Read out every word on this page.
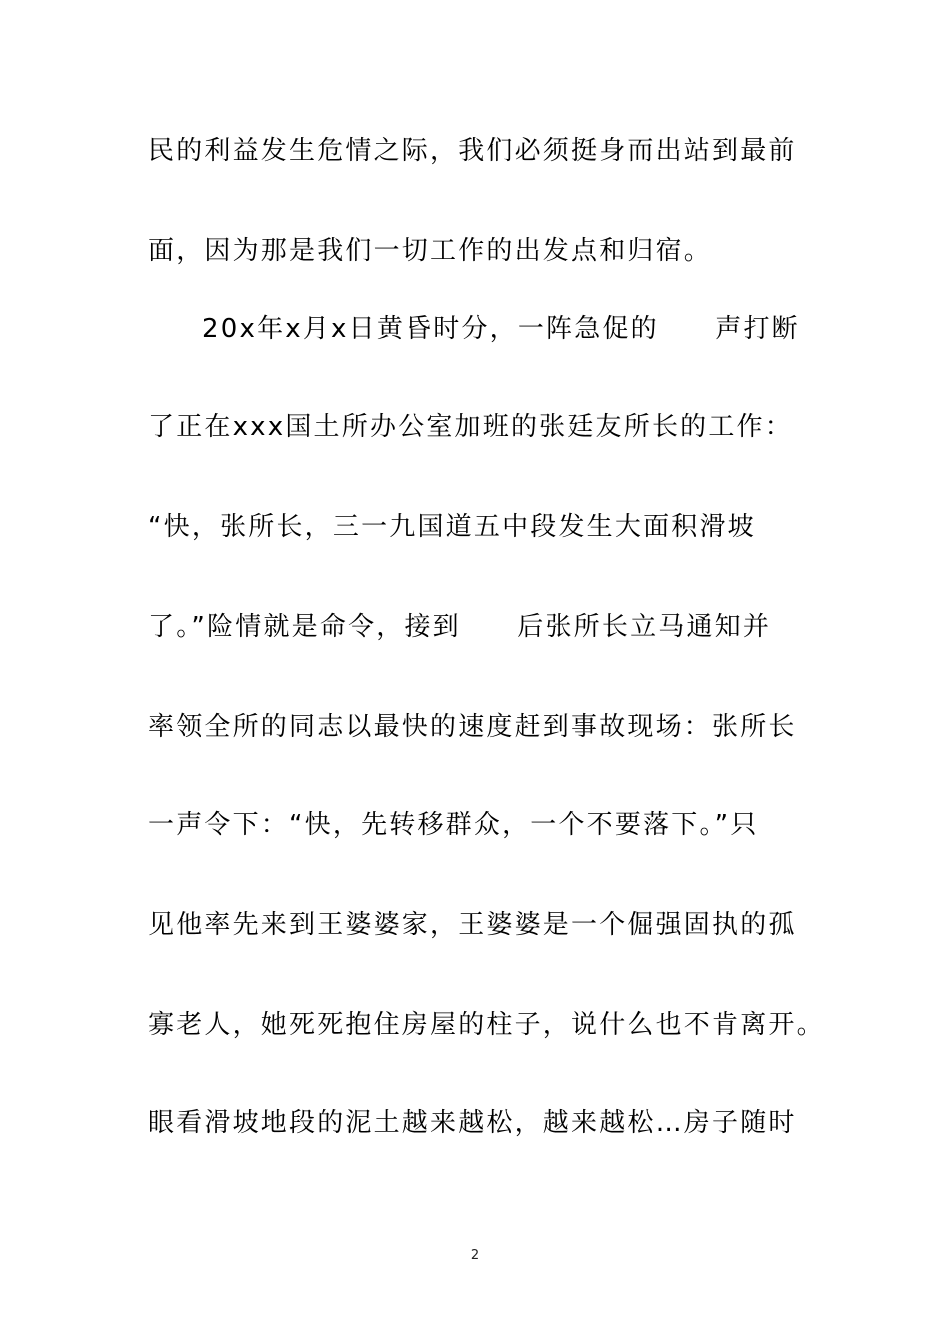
民的利益发生危情之际，我们必须挺身而出站到最前
面，因为那是我们一切工作的出发点和归宿。
20x年x月x日黄昏时分，一阵急促的　　声打断
了正在xxx国土所办公室加班的张廷友所长的工作：
“快，张所长，三一九国道五中段发生大面积滑坡
了。”险情就是命令，接到　　后张所长立马通知并
率领全所的同志以最快的速度赶到事故现场：张所长
一声令下：“快，先转移群众，一个不要落下。”只
见他率先来到王婆婆家，王婆婆是一个倔强固执的孤
寡老人，她死死抱住房屋的柱子，说什么也不肯离开。
眼看滑坡地段的泥土越来越松，越来越松…房子随时
2
